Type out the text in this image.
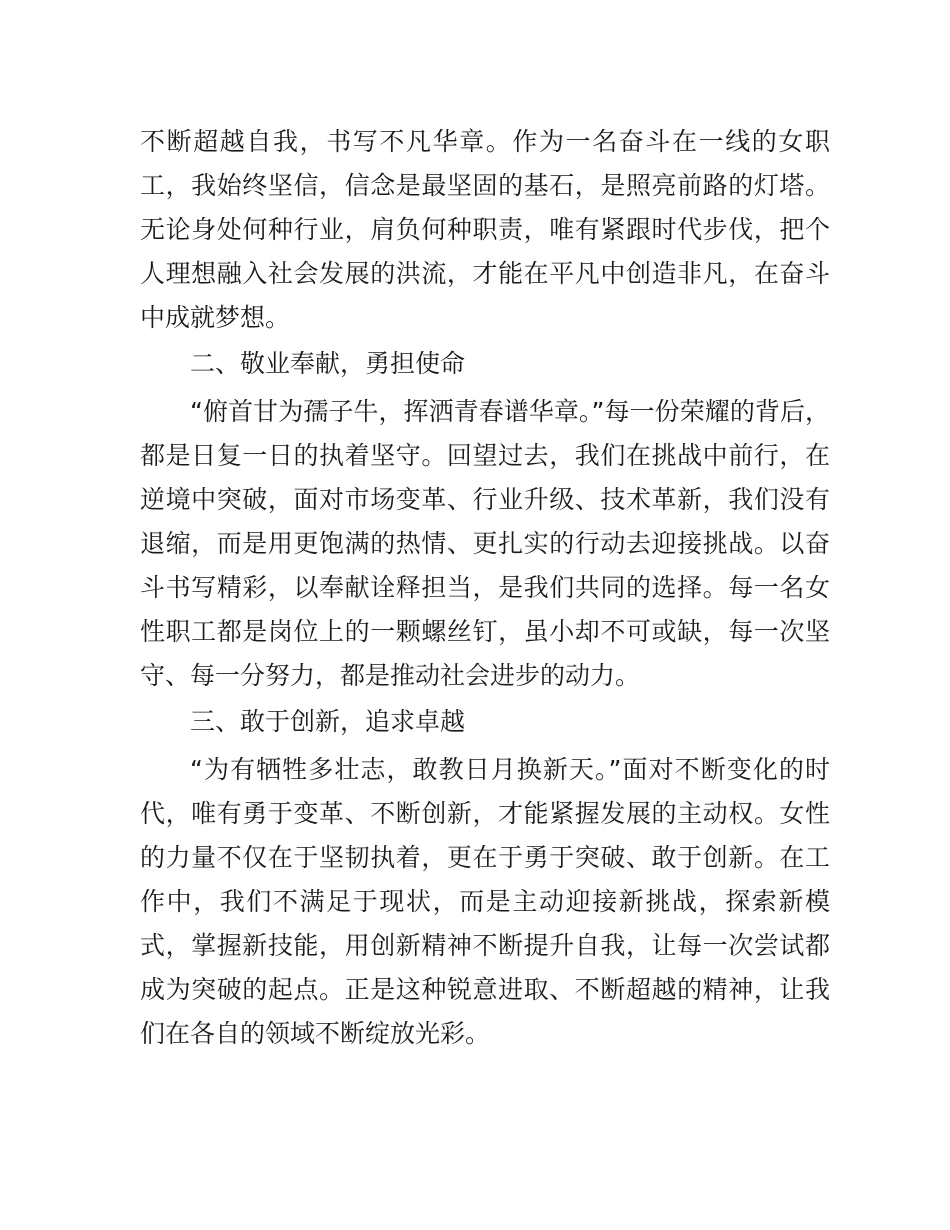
不断超越自我，书写不凡华章。作为一名奋斗在一线的女职工，我始终坚信，信念是最坚固的基石，是照亮前路的灯塔。无论身处何种行业，肩负何种职责，唯有紧跟时代步伐，把个人理想融入社会发展的洪流，才能在平凡中创造非凡，在奋斗中成就梦想。

二、敬业奉献，勇担使命

“俯首甘为孺子牛，挥洒青春谱华章。”每一份荣耀的背后，都是日复一日的执着坚守。回望过去，我们在挑战中前行，在逆境中突破，面对市场变革、行业升级、技术革新，我们没有退缩，而是用更饱满的热情、更扎实的行动去迎接挑战。以奋斗书写精彩，以奉献诠释担当，是我们共同的选择。每一名女性职工都是岗位上的一颗螺丝钉，虽小却不可或缺，每一次坚守、每一分努力，都是推动社会进步的动力。

三、敢于创新，追求卓越

“为有牺牲多壮志，敢教日月换新天。”面对不断变化的时代，唯有勇于变革、不断创新，才能紧握发展的主动权。女性的力量不仅在于坚韧执着，更在于勇于突破、敢于创新。在工作中，我们不满足于现状，而是主动迎接新挑战，探索新模式，掌握新技能，用创新精神不断提升自我，让每一次尝试都成为突破的起点。正是这种锐意进取、不断超越的精神，让我们在各自的领域不断绽放光彩。
